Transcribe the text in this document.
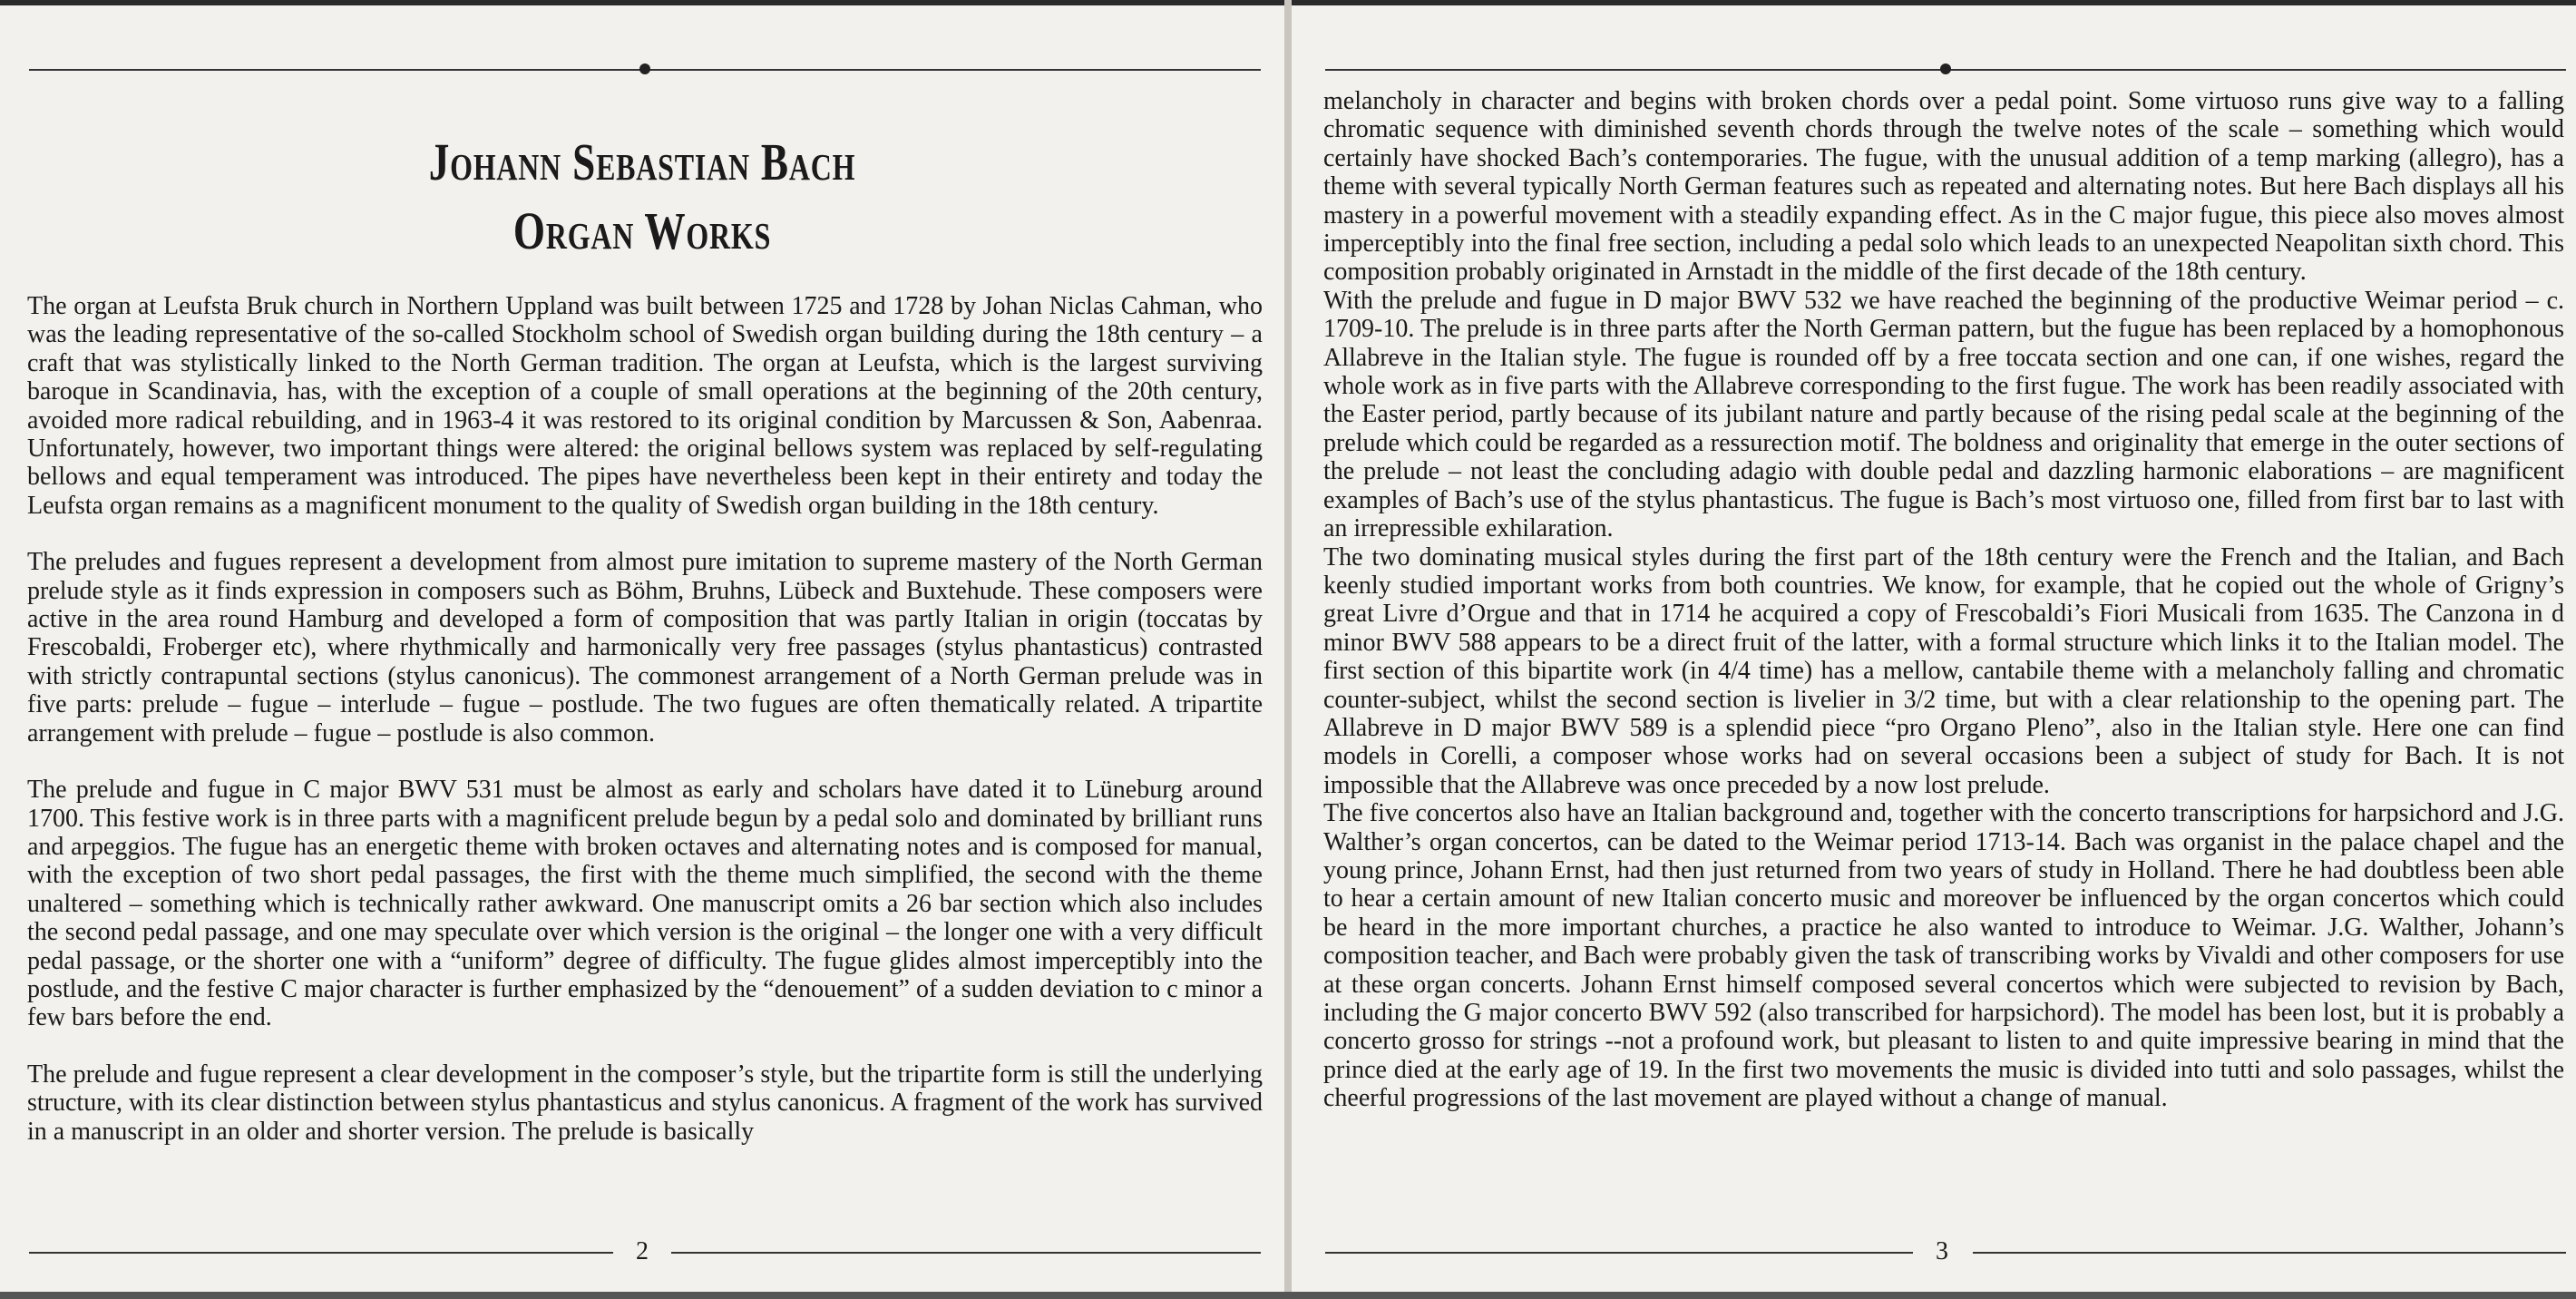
Johann Sebastian Bach
Organ Works

The organ at Leufsta Bruk church in Northern Uppland was built between 1725 and 1728 by Johan Niclas Cahman, who was the leading representative of the so-called Stockholm school of Swedish organ building during the 18th century – a craft that was stylistically linked to the North German tradition. The organ at Leufsta, which is the largest surviving baroque in Scandinavia, has, with the exception of a couple of small operations at the beginning of the 20th century, avoided more radical rebuilding, and in 1963-4 it was restored to its original condition by Marcussen & Son, Aabenraa. Unfortunately, however, two important things were altered: the original bellows system was replaced by self-regulating bellows and equal temperament was introduced. The pipes have nevertheless been kept in their entirety and today the Leufsta organ remains as a magnificent monument to the quality of Swedish organ building in the 18th century.

The preludes and fugues represent a development from almost pure imitation to supreme mastery of the North German prelude style as it finds expression in composers such as Böhm, Bruhns, Lübeck and Buxtehude. These composers were active in the area round Hamburg and developed a form of composition that was partly Italian in origin (toccatas by Frescobaldi, Froberger etc), where rhythmically and harmonically very free passages (stylus phantasticus) contrasted with strictly contrapuntal sections (stylus canonicus). The commonest arrangement of a North German prelude was in five parts: prelude – fugue – interlude – fugue – postlude. The two fugues are often thematically related. A tripartite arrangement with prelude – fugue – postlude is also common.

The prelude and fugue in C major BWV 531 must be almost as early and scholars have dated it to Lüneburg around 1700. This festive work is in three parts with a magnificent prelude begun by a pedal solo and dominated by brilliant runs and arpeggios. The fugue has an energetic theme with broken octaves and alternating notes and is composed for manual, with the exception of two short pedal passages, the first with the theme much simplified, the second with the theme unaltered – something which is technically rather awkward. One manuscript omits a 26 bar section which also includes the second pedal passage, and one may speculate over which version is the original – the longer one with a very difficult pedal passage, or the shorter one with a “uniform” degree of difficulty. The fugue glides almost imperceptibly into the postlude, and the festive C major character is further emphasized by the “denouement” of a sudden deviation to c minor a few bars before the end.

The prelude and fugue represent a clear development in the composer’s style, but the tripartite form is still the underlying structure, with its clear distinction between stylus phantasticus and stylus canonicus. A fragment of the work has survived in a manuscript in an older and shorter version. The prelude is basically

2

melancholy in character and begins with broken chords over a pedal point. Some virtuoso runs give way to a falling chromatic sequence with diminished seventh chords through the twelve notes of the scale – something which would certainly have shocked Bach’s contemporaries. The fugue, with the unusual addition of a temp marking (allegro), has a theme with several typically North German features such as repeated and alternating notes. But here Bach displays all his mastery in a powerful movement with a steadily expanding effect. As in the C major fugue, this piece also moves almost imperceptibly into the final free section, including a pedal solo which leads to an unexpected Neapolitan sixth chord. This composition probably originated in Arnstadt in the middle of the first decade of the 18th century.

With the prelude and fugue in D major BWV 532 we have reached the beginning of the productive Weimar period – c. 1709-10. The prelude is in three parts after the North German pattern, but the fugue has been replaced by a homophonous Allabreve in the Italian style. The fugue is rounded off by a free toccata section and one can, if one wishes, regard the whole work as in five parts with the Allabreve corresponding to the first fugue. The work has been readily associated with the Easter period, partly because of its jubilant nature and partly because of the rising pedal scale at the beginning of the prelude which could be regarded as a ressurection motif. The boldness and originality that emerge in the outer sections of the prelude – not least the concluding adagio with double pedal and dazzling harmonic elaborations – are magnificent examples of Bach’s use of the stylus phantasticus. The fugue is Bach’s most virtuoso one, filled from first bar to last with an irrepressible exhilaration.

The two dominating musical styles during the first part of the 18th century were the French and the Italian, and Bach keenly studied important works from both countries. We know, for example, that he copied out the whole of Grigny’s great Livre d’Orgue and that in 1714 he acquired a copy of Frescobaldi’s Fiori Musicali from 1635. The Canzona in d minor BWV 588 appears to be a direct fruit of the latter, with a formal structure which links it to the Italian model. The first section of this bipartite work (in 4/4 time) has a mellow, cantabile theme with a melancholy falling and chromatic counter-subject, whilst the second section is livelier in 3/2 time, but with a clear relationship to the opening part. The Allabreve in D major BWV 589 is a splendid piece “pro Organo Pleno”, also in the Italian style. Here one can find models in Corelli, a composer whose works had on several occasions been a subject of study for Bach. It is not impossible that the Allabreve was once preceded by a now lost prelude.

The five concertos also have an Italian background and, together with the concerto transcriptions for harpsichord and J.G. Walther’s organ concertos, can be dated to the Weimar period 1713-14. Bach was organist in the palace chapel and the young prince, Johann Ernst, had then just returned from two years of study in Holland. There he had doubtless been able to hear a certain amount of new Italian concerto music and moreover be influenced by the organ concertos which could be heard in the more important churches, a practice he also wanted to introduce to Weimar. J.G. Walther, Johann’s composition teacher, and Bach were probably given the task of transcribing works by Vivaldi and other composers for use at these organ concerts. Johann Ernst himself composed several concertos which were subjected to revision by Bach, including the G major concerto BWV 592 (also transcribed for harpsichord). The model has been lost, but it is probably a concerto grosso for strings --not a profound work, but pleasant to listen to and quite impressive bearing in mind that the prince died at the early age of 19. In the first two movements the music is divided into tutti and solo passages, whilst the cheerful progressions of the last movement are played without a change of manual.

3
